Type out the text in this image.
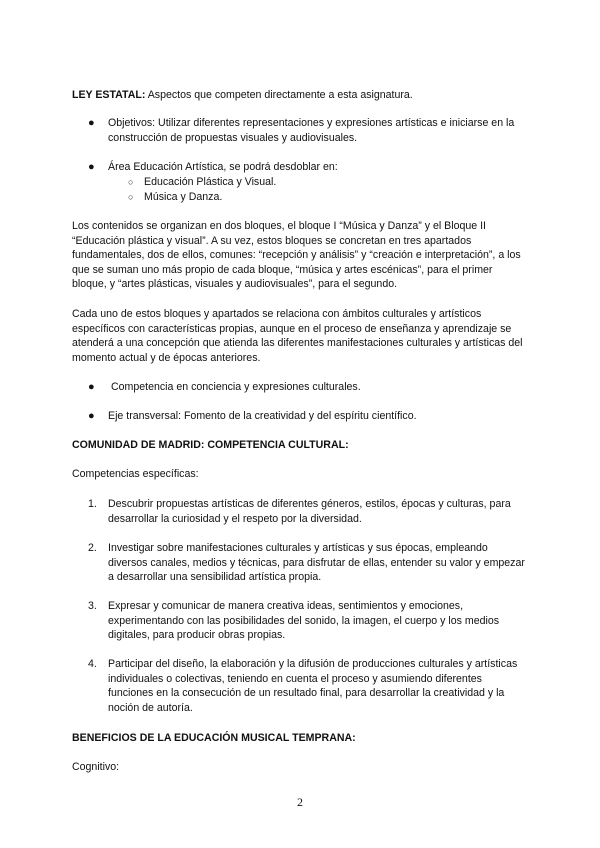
LEY ESTATAL: Aspectos que competen directamente a esta asignatura.

●	Objetivos: Utilizar diferentes representaciones y expresiones artísticas e iniciarse en la construcción de propuestas visuales y audiovisuales.
●	Área Educación Artística, se podrá desdoblar en:
○ Educación Plástica y Visual.
○ Música y Danza.

Los contenidos se organizan en dos bloques, el bloque I “Música y Danza” y el Bloque II “Educación plástica y visual”. A su vez, estos bloques se concretan en tres apartados fundamentales, dos de ellos, comunes: “recepción y análisis” y “creación e interpretación”, a los que se suman uno más propio de cada bloque, “música y artes escénicas”, para el primer bloque, y “artes plásticas, visuales y audiovisuales”, para el segundo.

Cada uno de estos bloques y apartados se relaciona con ámbitos culturales y artísticos específicos con características propias, aunque en el proceso de enseñanza y aprendizaje se atenderá a una concepción que atienda las diferentes manifestaciones culturales y artísticas del momento actual y de épocas anteriores.

●	Competencia en conciencia y expresiones culturales.
●	Eje transversal: Fomento de la creatividad y del espíritu científico.

COMUNIDAD DE MADRID: COMPETENCIA CULTURAL:

Competencias específicas:

1.	Descubrir propuestas artísticas de diferentes géneros, estilos, épocas y culturas, para desarrollar la curiosidad y el respeto por la diversidad.
2.	Investigar sobre manifestaciones culturales y artísticas y sus épocas, empleando diversos canales, medios y técnicas, para disfrutar de ellas, entender su valor y empezar a desarrollar una sensibilidad artística propia.
3.	Expresar y comunicar de manera creativa ideas, sentimientos y emociones, experimentando con las posibilidades del sonido, la imagen, el cuerpo y los medios digitales, para producir obras propias.
4.	Participar del diseño, la elaboración y la difusión de producciones culturales y artísticas individuales o colectivas, teniendo en cuenta el proceso y asumiendo diferentes funciones en la consecución de un resultado final, para desarrollar la creatividad y la noción de autoría.

BENEFICIOS DE LA EDUCACIÓN MUSICAL TEMPRANA:

Cognitivo:

2
